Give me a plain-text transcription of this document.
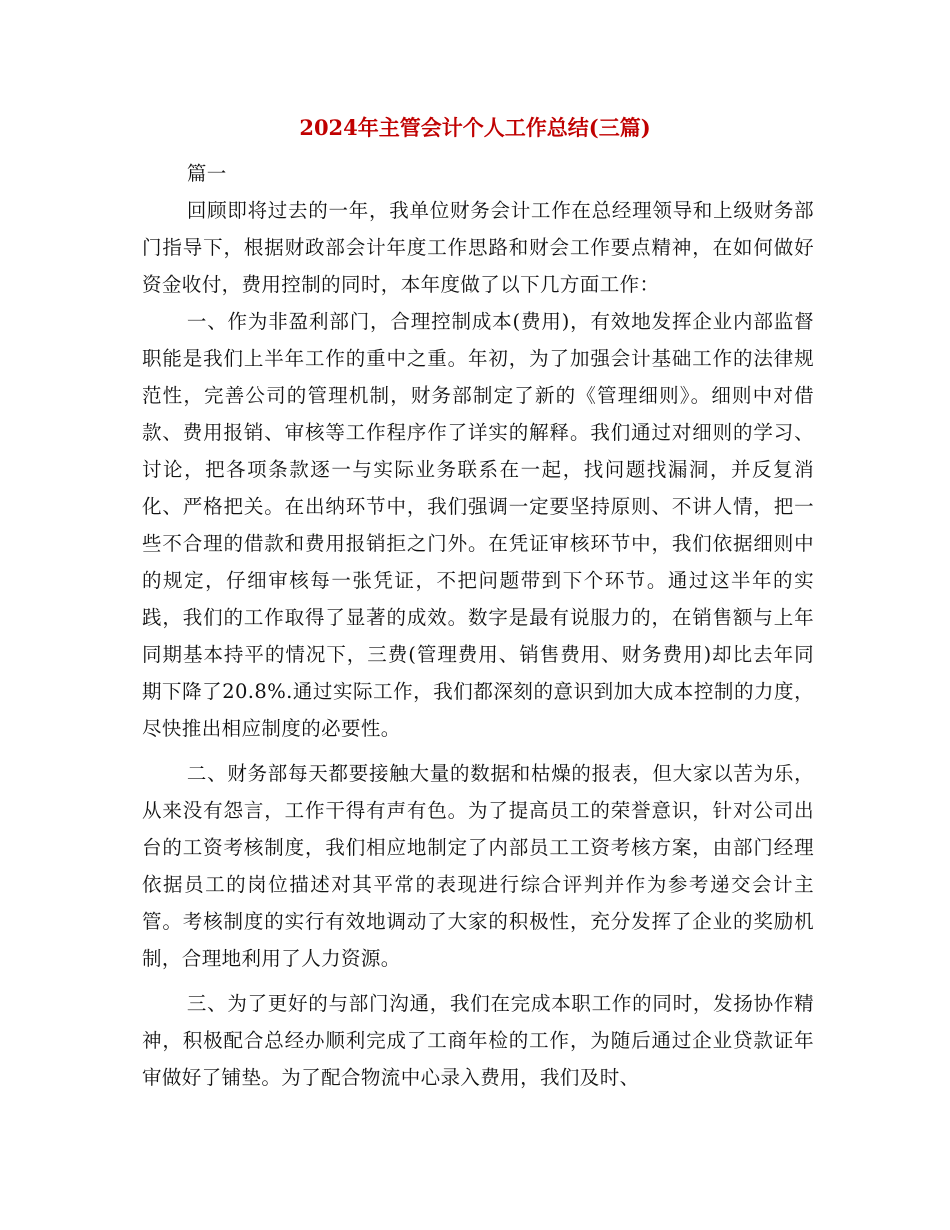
2024年主管会计个人工作总结(三篇)

篇一

回顾即将过去的一年，我单位财务会计工作在总经理领导和上级财务部门指导下，根据财政部会计年度工作思路和财会工作要点精神，在如何做好资金收付，费用控制的同时，本年度做了以下几方面工作：

一、作为非盈利部门，合理控制成本(费用)，有效地发挥企业内部监督职能是我们上半年工作的重中之重。年初，为了加强会计基础工作的法律规范性，完善公司的管理机制，财务部制定了新的《管理细则》。细则中对借款、费用报销、审核等工作程序作了详实的解释。我们通过对细则的学习、讨论，把各项条款逐一与实际业务联系在一起，找问题找漏洞，并反复消化、严格把关。在出纳环节中，我们强调一定要坚持原则、不讲人情，把一些不合理的借款和费用报销拒之门外。在凭证审核环节中，我们依据细则中的规定，仔细审核每一张凭证，不把问题带到下个环节。通过这半年的实践，我们的工作取得了显著的成效。数字是最有说服力的，在销售额与上年同期基本持平的情况下，三费(管理费用、销售费用、财务费用)却比去年同期下降了20.8%.通过实际工作，我们都深刻的意识到加大成本控制的力度，尽快推出相应制度的必要性。

二、财务部每天都要接触大量的数据和枯燥的报表，但大家以苦为乐，从来没有怨言，工作干得有声有色。为了提高员工的荣誉意识，针对公司出台的工资考核制度，我们相应地制定了内部员工工资考核方案，由部门经理依据员工的岗位描述对其平常的表现进行综合评判并作为参考递交会计主管。考核制度的实行有效地调动了大家的积极性，充分发挥了企业的奖励机制，合理地利用了人力资源。

三、为了更好的与部门沟通，我们在完成本职工作的同时，发扬协作精神，积极配合总经办顺利完成了工商年检的工作，为随后通过企业贷款证年审做好了铺垫。为了配合物流中心录入费用，我们及时、
